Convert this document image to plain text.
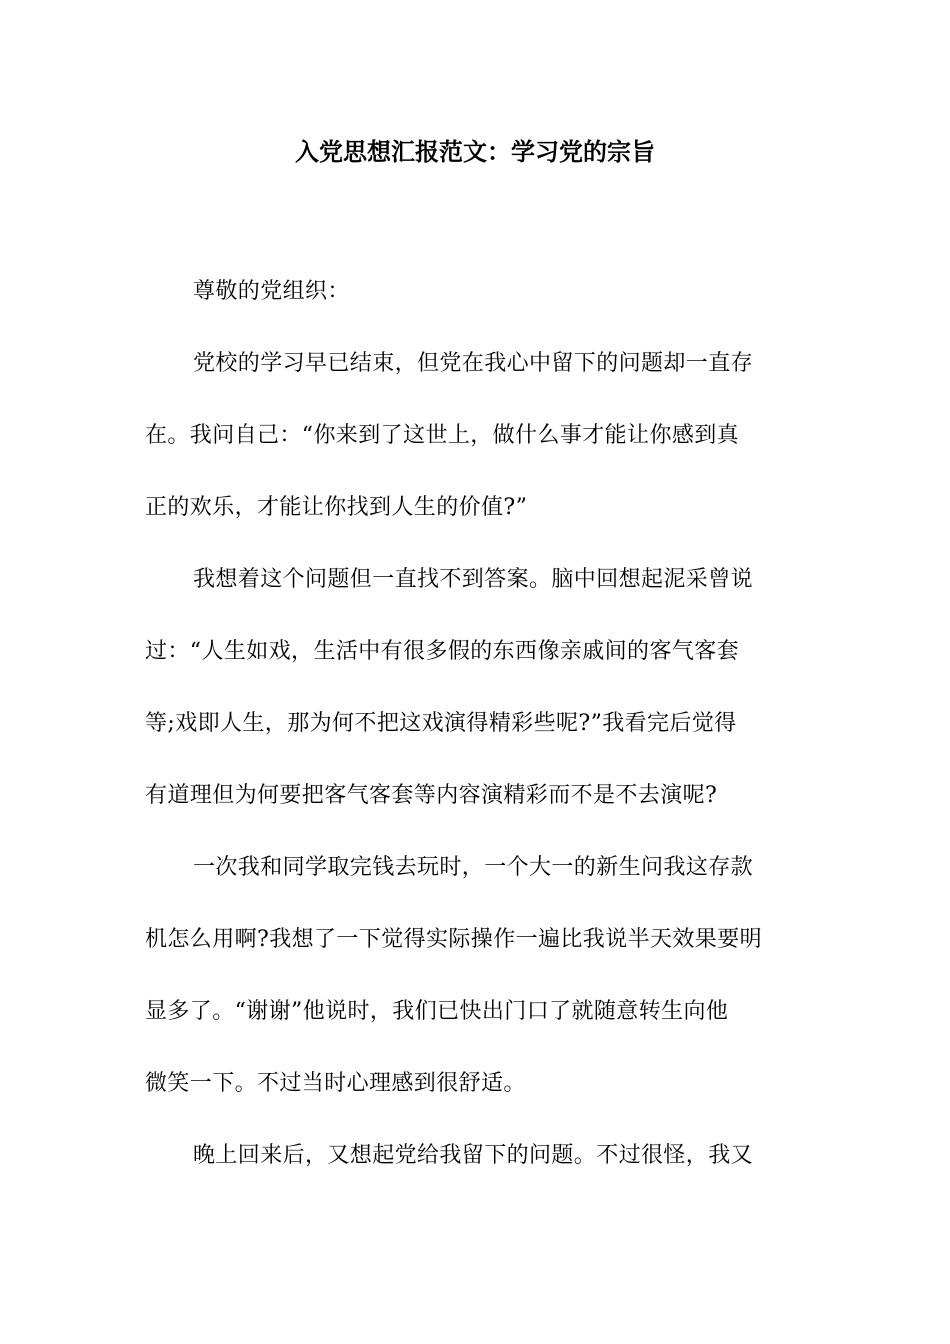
入党思想汇报范文：学习党的宗旨
尊敬的党组织：
党校的学习早已结束，但党在我心中留下的问题却一直存
在。我问自己：“你来到了这世上，做什么事才能让你感到真
正的欢乐，才能让你找到人生的价值?”
我想着这个问题但一直找不到答案。脑中回想起泥采曾说
过：“人生如戏，生活中有很多假的东西像亲戚间的客气客套
等;戏即人生，那为何不把这戏演得精彩些呢?”我看完后觉得
有道理但为何要把客气客套等内容演精彩而不是不去演呢?
一次我和同学取完钱去玩时，一个大一的新生问我这存款
机怎么用啊?我想了一下觉得实际操作一遍比我说半天效果要明
显多了。“谢谢”他说时，我们已快出门口了就随意转生向他
微笑一下。不过当时心理感到很舒适。
晚上回来后，又想起党给我留下的问题。不过很怪，我又
